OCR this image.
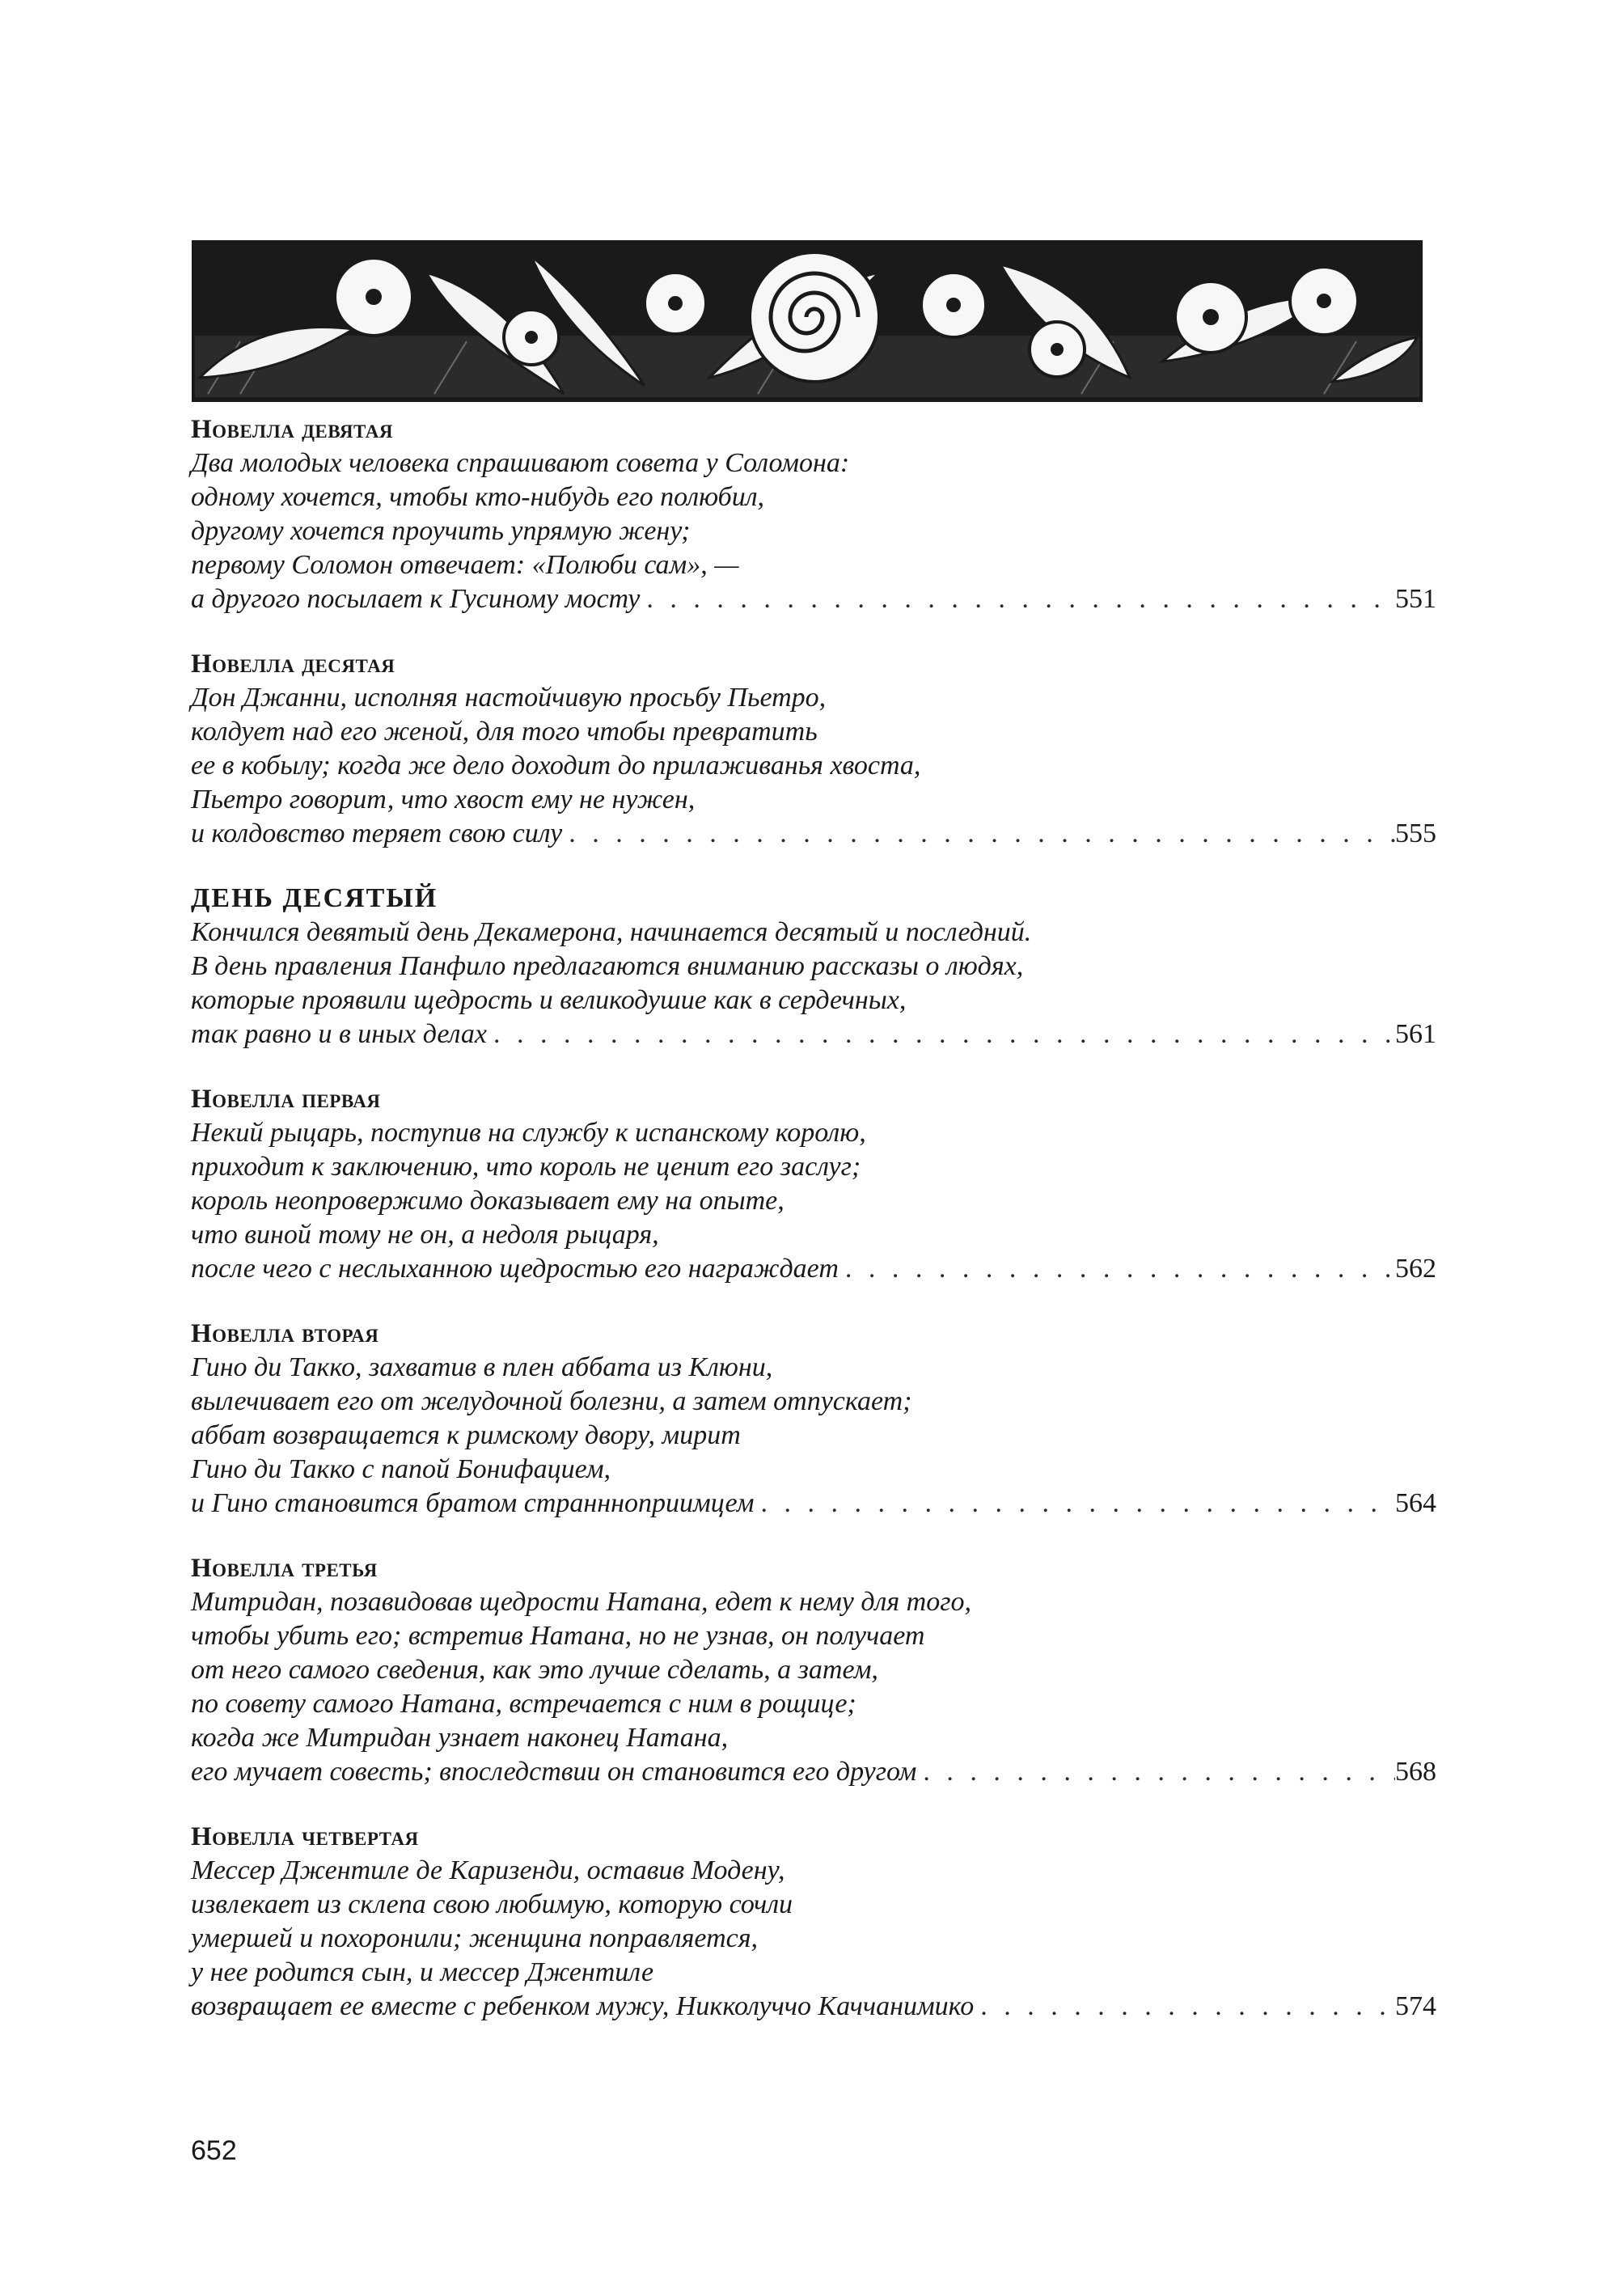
Новелла девятая
Два молодых человека спрашивают совета у Соломона:
одному хочется, чтобы кто-нибудь его полюбил,
другому хочется проучить упрямую жену;
первому Соломон отвечает: «Полюби сам», —
а другого посылает к Гусиному мосту . . .	551
Новелла десятая
Дон Джанни, исполняя настойчивую просьбу Пьетро,
колдует над его женой, для того чтобы превратить
ее в кобылу; когда же дело доходит до прилаживанья хвоста,
Пьетро говорит, что хвост ему не нужен,
и колдовство теряет свою силу . . .	555
ДЕНЬ ДЕСЯТЫЙ
Кончился девятый день Декамерона, начинается десятый и последний.
В день правления Панфило предлагаются вниманию рассказы о людях,
которые проявили щедрость и великодушие как в сердечных,
так равно и в иных делах . . .	561
Новелла первая
Некий рыцарь, поступив на службу к испанскому королю,
приходит к заключению, что король не ценит его заслуг;
король неопровержимо доказывает ему на опыте,
что виной тому не он, а недоля рыцаря,
после чего с неслыханною щедростью его награждает . . .	562
Новелла вторая
Гино ди Такко, захватив в плен аббата из Клюни,
вылечивает его от желудочной болезни, а затем отпускает;
аббат возвращается к римскому двору, мирит
Гино ди Такко с папой Бонифацием,
и Гино становится братом страннноприимцем . . .	564
Новелла третья
Митридан, позавидовав щедрости Натана, едет к нему для того,
чтобы убить его; встретив Натана, но не узнав, он получает
от него самого сведения, как это лучше сделать, а затем,
по совету самого Натана, встречается с ним в рощице;
когда же Митридан узнает наконец Натана,
его мучает совесть; впоследствии он становится его другом . . .	568
Новелла четвертая
Мессер Джентиле де Каризенди, оставив Модену,
извлекает из склепа свою любимую, которую сочли
умершей и похоронили; женщина поправляется,
у нее родится сын, и мессер Джентиле
возвращает ее вместе с ребенком мужу, Никколуччо Каччанимико . . .	574
652
